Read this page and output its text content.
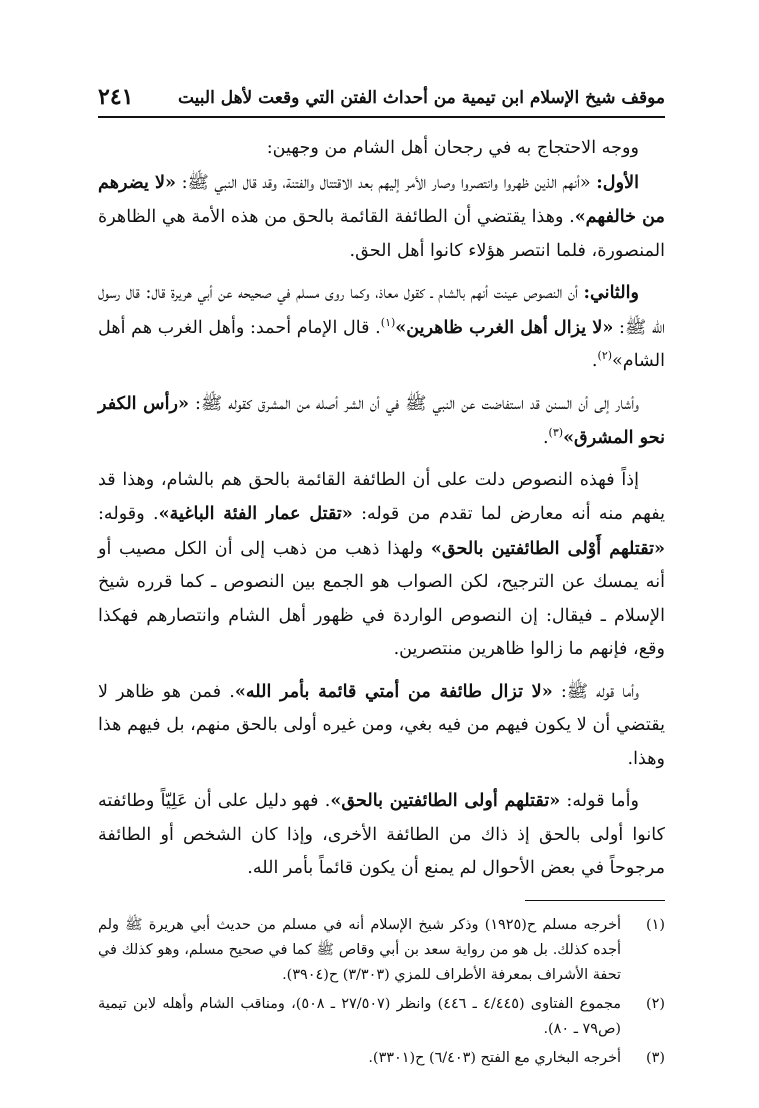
موقف شيخ الإسلام ابن تيمية من أحداث الفتن التي وقعت لأهل البيت
٢٤١

ووجه الاحتجاج به في رجحان أهل الشام من وجهين:

الأول: «أنهم الذين ظهروا وانتصروا وصار الأمر إليهم بعد الاقتتال والفتنة، وقد قال النبي ﷺ: «لا يضرهم من خالفهم». وهذا يقتضي أن الطائفة القائمة بالحق من هذه الأمة هي الظاهرة المنصورة، فلما انتصر هؤلاء كانوا أهل الحق.

والثاني: أن النصوص عينت أنهم بالشام ـ كقول معاذ، وكما روى مسلم في صحيحه عن أبي هريرة قال: قال رسول الله ﷺ: «لا يزال أهل الغرب ظاهرين»$^{(١)}$. قال الإمام أحمد: وأهل الغرب هم أهل الشام»$^{(٢)}$.

وأشار إلى أن السنن قد استفاضت عن النبي ﷺ في أن الشر أصله من المشرق كقوله ﷺ: «رأس الكفر نحو المشرق»$^{(٣)}$.

إذاً فهذه النصوص دلت على أن الطائفة القائمة بالحق هم بالشام، وهذا قد يفهم منه أنه معارض لما تقدم من قوله: «تقتل عمار الفئة الباغية». وقوله: «تقتلهم أَوْلى الطائفتين بالحق» ولهذا ذهب من ذهب إلى أن الكل مصيب أو أنه يمسك عن الترجيح، لكن الصواب هو الجمع بين النصوص ـ كما قرره شيخ الإسلام ـ فيقال: إن النصوص الواردة في ظهور أهل الشام وانتصارهم فهكذا وقع، فإنهم ما زالوا ظاهرين منتصرين.

وأما قوله ﷺ: «لا تزال طائفة من أمتي قائمة بأمر الله». فمن هو ظاهر لا يقتضي أن لا يكون فيهم من فيه بغي، ومن غيره أولى بالحق منهم، بل فيهم هذا وهذا.

وأما قوله: «تقتلهم أولى الطائفتين بالحق». فهو دليل على أن عَلِيّاً وطائفته كانوا أولى بالحق إذ ذاك من الطائفة الأخرى، وإذا كان الشخص أو الطائفة مرجوحاً في بعض الأحوال لم يمنع أن يكون قائماً بأمر الله.

(١)
أخرجه مسلم ح(١٩٢٥) وذكر شيخ الإسلام أنه في مسلم من حديث أبي هريرة ﷺ ولم أجده كذلك. بل هو من رواية سعد بن أبي وقاص ﷺ كما في صحيح مسلم، وهو كذلك في تحفة الأشراف بمعرفة الأطراف للمزي (٣/٣٠٣) ح(٣٩٠٤).
(٢)
مجموع الفتاوى (٤/٤٤٥ ـ ٤٤٦) وانظر (٢٧/٥٠٧ ـ ٥٠٨)، ومناقب الشام وأهله لابن تيمية (ص٧٩ ـ ٨٠).
(٣)
أخرجه البخاري مع الفتح (٦/٤٠٣) ح(٣٣٠١).
